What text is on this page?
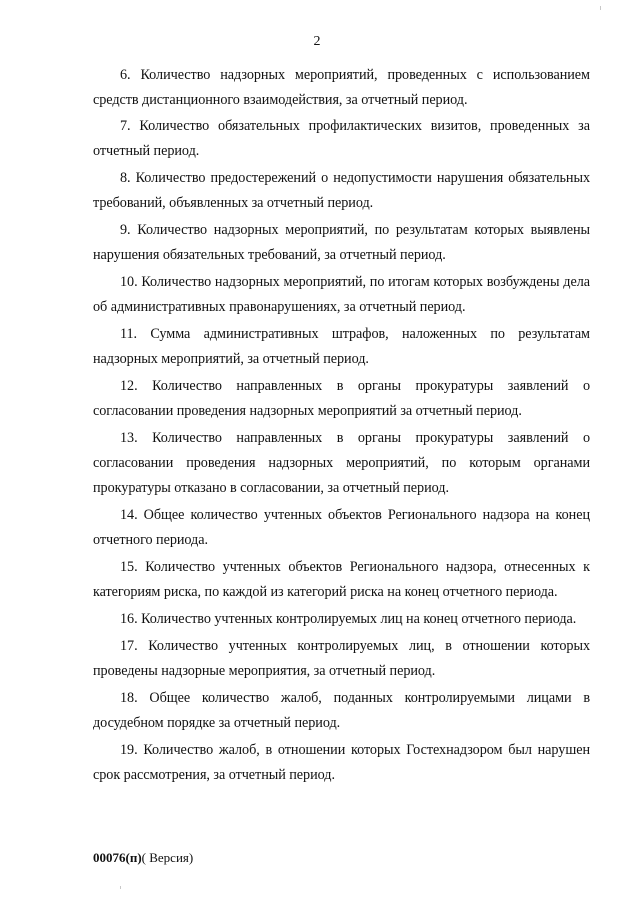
2

6. Количество надзорных мероприятий, проведенных с использованием средств дистанционного взаимодействия, за отчетный период.

7. Количество обязательных профилактических визитов, проведенных за отчетный период.

8. Количество предостережений о недопустимости нарушения обязательных требований, объявленных за отчетный период.

9. Количество надзорных мероприятий, по результатам которых выявлены нарушения обязательных требований, за отчетный период.

10. Количество надзорных мероприятий, по итогам которых возбуждены дела об административных правонарушениях, за отчетный период.

11. Сумма административных штрафов, наложенных по результатам надзорных мероприятий, за отчетный период.

12. Количество направленных в органы прокуратуры заявлений о согласовании проведения надзорных мероприятий за отчетный период.

13. Количество направленных в органы прокуратуры заявлений о согласовании проведения надзорных мероприятий, по которым органами прокуратуры отказано в согласовании, за отчетный период.

14. Общее количество учтенных объектов Регионального надзора на конец отчетного периода.

15. Количество учтенных объектов Регионального надзора, отнесенных к категориям риска, по каждой из категорий риска на конец отчетного периода.

16. Количество учтенных контролируемых лиц на конец отчетного периода.

17. Количество учтенных контролируемых лиц, в отношении которых проведены надзорные мероприятия, за отчетный период.

18. Общее количество жалоб, поданных контролируемыми лицами в досудебном порядке за отчетный период.

19. Количество жалоб, в отношении которых Гостехнадзором был нарушен срок рассмотрения, за отчетный период.

00076(п)( Версия)
